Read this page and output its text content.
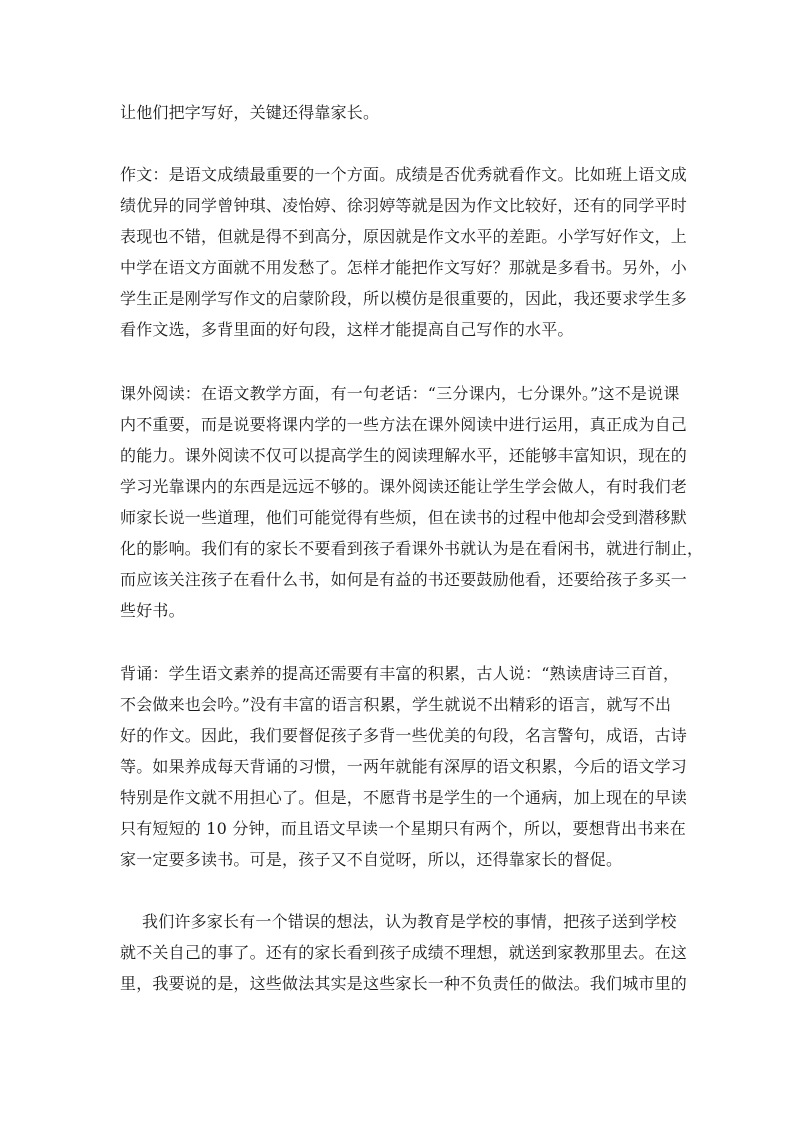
让他们把字写好，关键还得靠家长。
作文：是语文成绩最重要的一个方面。成绩是否优秀就看作文。比如班上语文成
绩优异的同学曾钟琪、凌怡婷、徐羽婷等就是因为作文比较好，还有的同学平时
表现也不错，但就是得不到高分，原因就是作文水平的差距。小学写好作文，上
中学在语文方面就不用发愁了。怎样才能把作文写好？那就是多看书。另外，小
学生正是刚学写作文的启蒙阶段，所以模仿是很重要的，因此，我还要求学生多
看作文选，多背里面的好句段，这样才能提高自己写作的水平。
课外阅读：在语文教学方面，有一句老话：“三分课内，七分课外。”这不是说课
内不重要，而是说要将课内学的一些方法在课外阅读中进行运用，真正成为自己
的能力。课外阅读不仅可以提高学生的阅读理解水平，还能够丰富知识，现在的
学习光靠课内的东西是远远不够的。课外阅读还能让学生学会做人，有时我们老
师家长说一些道理，他们可能觉得有些烦，但在读书的过程中他却会受到潜移默
化的影响。我们有的家长不要看到孩子看课外书就认为是在看闲书，就进行制止，
而应该关注孩子在看什么书，如何是有益的书还要鼓励他看，还要给孩子多买一
些好书。
背诵：学生语文素养的提高还需要有丰富的积累，古人说：“熟读唐诗三百首，
不会做来也会吟。”没有丰富的语言积累，学生就说不出精彩的语言，就写不出
好的作文。因此，我们要督促孩子多背一些优美的句段，名言警句，成语，古诗
等。如果养成每天背诵的习惯，一两年就能有深厚的语文积累，今后的语文学习
特别是作文就不用担心了。但是，不愿背书是学生的一个通病，加上现在的早读
只有短短的 10 分钟，而且语文早读一个星期只有两个，所以，要想背出书来在
家一定要多读书。可是，孩子又不自觉呀，所以，还得靠家长的督促。
我们许多家长有一个错误的想法，认为教育是学校的事情，把孩子送到学校
就不关自己的事了。还有的家长看到孩子成绩不理想，就送到家教那里去。在这
里，我要说的是，这些做法其实是这些家长一种不负责任的做法。我们城市里的
